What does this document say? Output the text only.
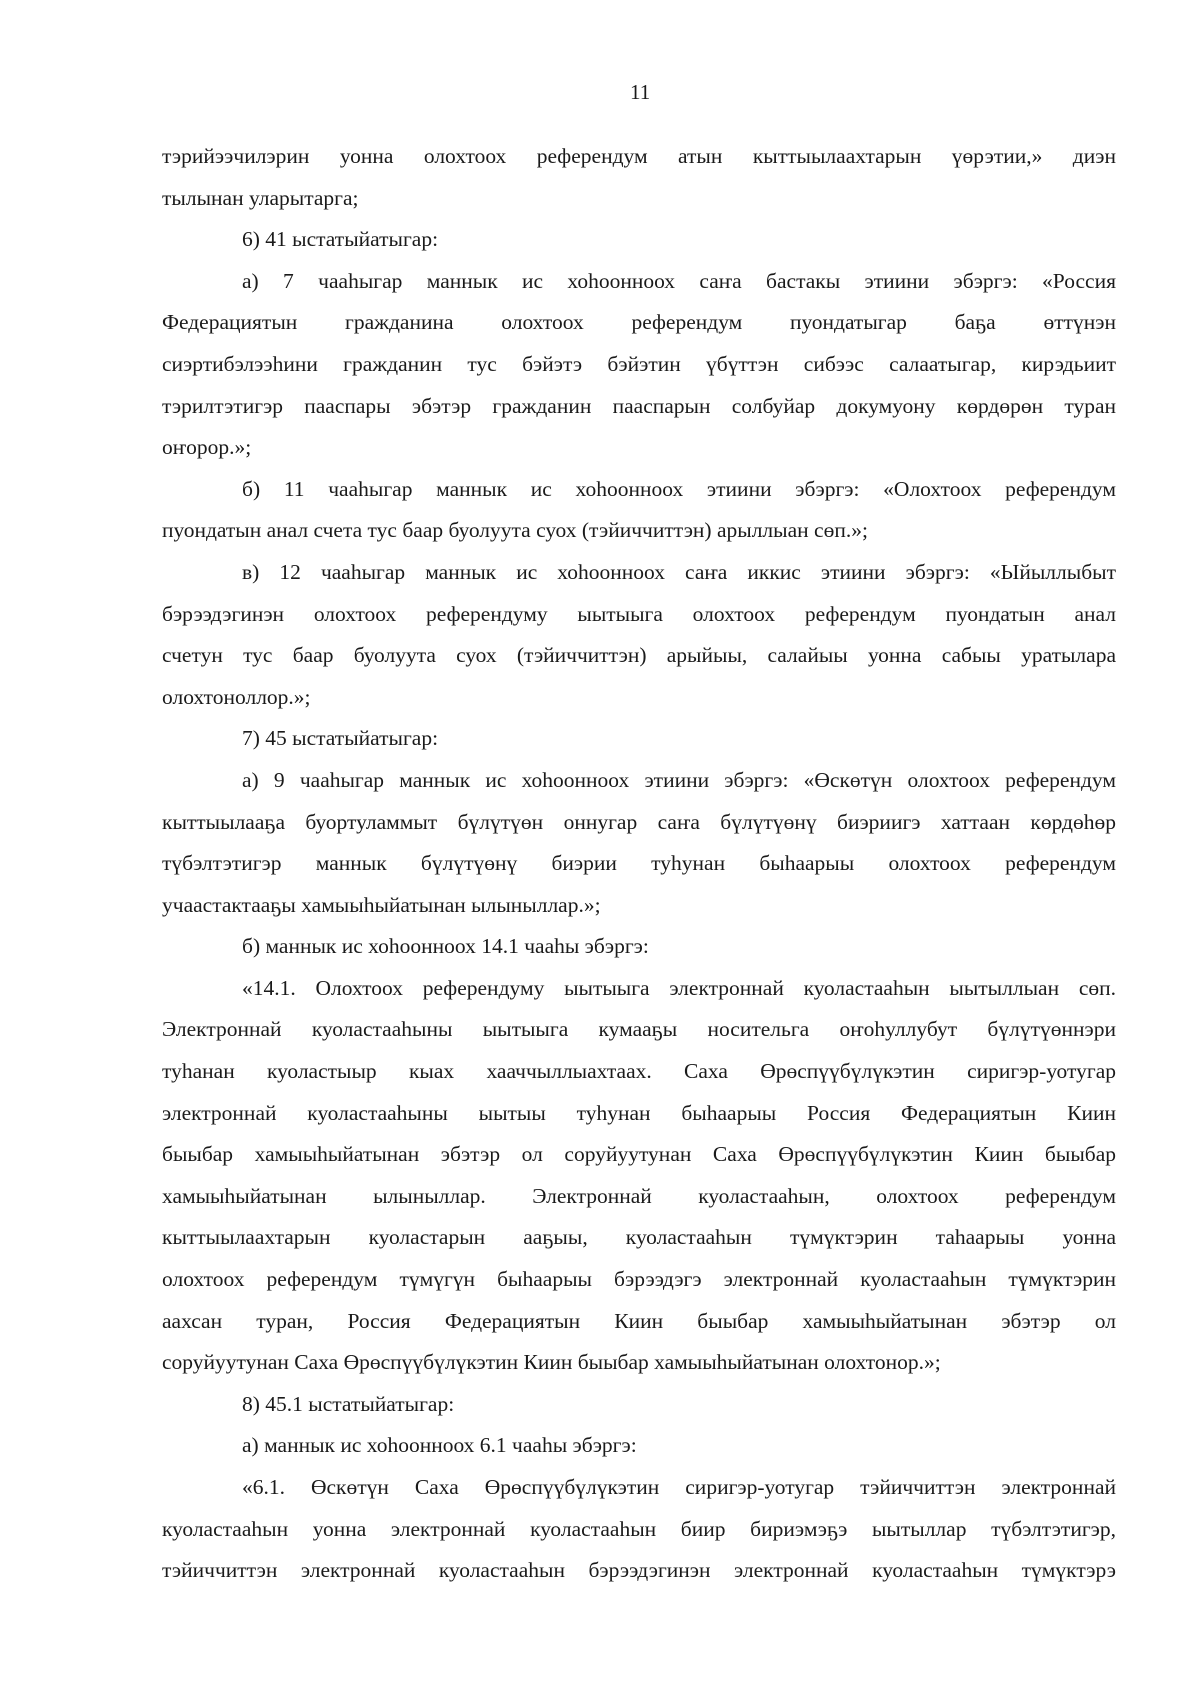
11
тэрийээчилэрин уонна олохтоох референдум атын кыттыылаахтарын үөрэтии,» диэн
тылынан уларытарга;
6) 41 ыстатыйатыгар:
а) 7 чааһыгар маннык ис хоһоонноох саҥа бастакы этиини эбэргэ: «Россия
Федерациятын гражданина олохтоох референдум пуондатыгар баҕа өттүнэн
сиэртибэлээһини гражданин тус бэйэтэ бэйэтин үбүттэн сибээс салаатыгар, кирэдьиит
тэрилтэтигэр пааспары эбэтэр гражданин пааспарын солбуйар докумуону көрдөрөн туран
оҥорор.»;
б) 11 чааһыгар маннык ис хоһоонноох этиини эбэргэ: «Олохтоох референдум
пуондатын анал счета тус баар буолуута суох (тэйиччиттэн) арыллыан сөп.»;
в) 12 чааһыгар маннык ис хоһоонноох саҥа иккис этиини эбэргэ: «Ыйыллыбыт
бэрээдэгинэн олохтоох референдуму ыытыыга олохтоох референдум пуондатын анал
счетун тус баар буолуута суох (тэйиччиттэн) арыйыы, салайыы уонна сабыы уратылара
олохтоноллор.»;
7) 45 ыстатыйатыгар:
а) 9 чааһыгар маннык ис хоһоонноох этиини эбэргэ: «Өскөтүн олохтоох референдум
кыттыылааҕа буортуламмыт бүлүтүөн оннугар саҥа бүлүтүөнү биэриигэ хаттаан көрдөһөр
түбэлтэтигэр маннык бүлүтүөнү биэрии туһунан быһаарыы олохтоох референдум
учаастактааҕы хамыыһыйатынан ылыныллар.»;
б) маннык ис хоһоонноох 14.1 чааһы эбэргэ:
«14.1. Олохтоох референдуму ыытыыга электроннай куоластааһын ыытыллыан сөп.
Электроннай куоластааһыны ыытыыга кумааҕы носительга оҥоһуллубут бүлүтүөннэри
туһанан куоластыыр кыах хааччыллыахтаах. Саха Өрөспүүбүлүкэтин сиригэр-уотугар
электроннай куоластааһыны ыытыы туһунан быһаарыы Россия Федерациятын Киин
быыбар хамыыһыйатынан эбэтэр ол соруйуутунан Саха Өрөспүүбүлүкэтин Киин быыбар
хамыыһыйатынан ылыныллар. Электроннай куоластааһын, олохтоох референдум
кыттыылаахтарын куоластарын ааҕыы, куоластааһын түмүктэрин таһаарыы уонна
олохтоох референдум түмүгүн быһаарыы бэрээдэгэ электроннай куоластааһын түмүктэрин
аахсан туран, Россия Федерациятын Киин быыбар хамыыһыйатынан эбэтэр ол
соруйуутунан Саха Өрөспүүбүлүкэтин Киин быыбар хамыыһыйатынан олохтонор.»;
8) 45.1 ыстатыйатыгар:
а) маннык ис хоһоонноох 6.1 чааһы эбэргэ:
«6.1. Өскөтүн Саха Өрөспүүбүлүкэтин сиригэр-уотугар тэйиччиттэн электроннай
куоластааһын уонна электроннай куоластааһын биир бириэмэҕэ ыытыллар түбэлтэтигэр,
тэйиччиттэн электроннай куоластааһын бэрээдэгинэн электроннай куоластааһын түмүктэрэ
